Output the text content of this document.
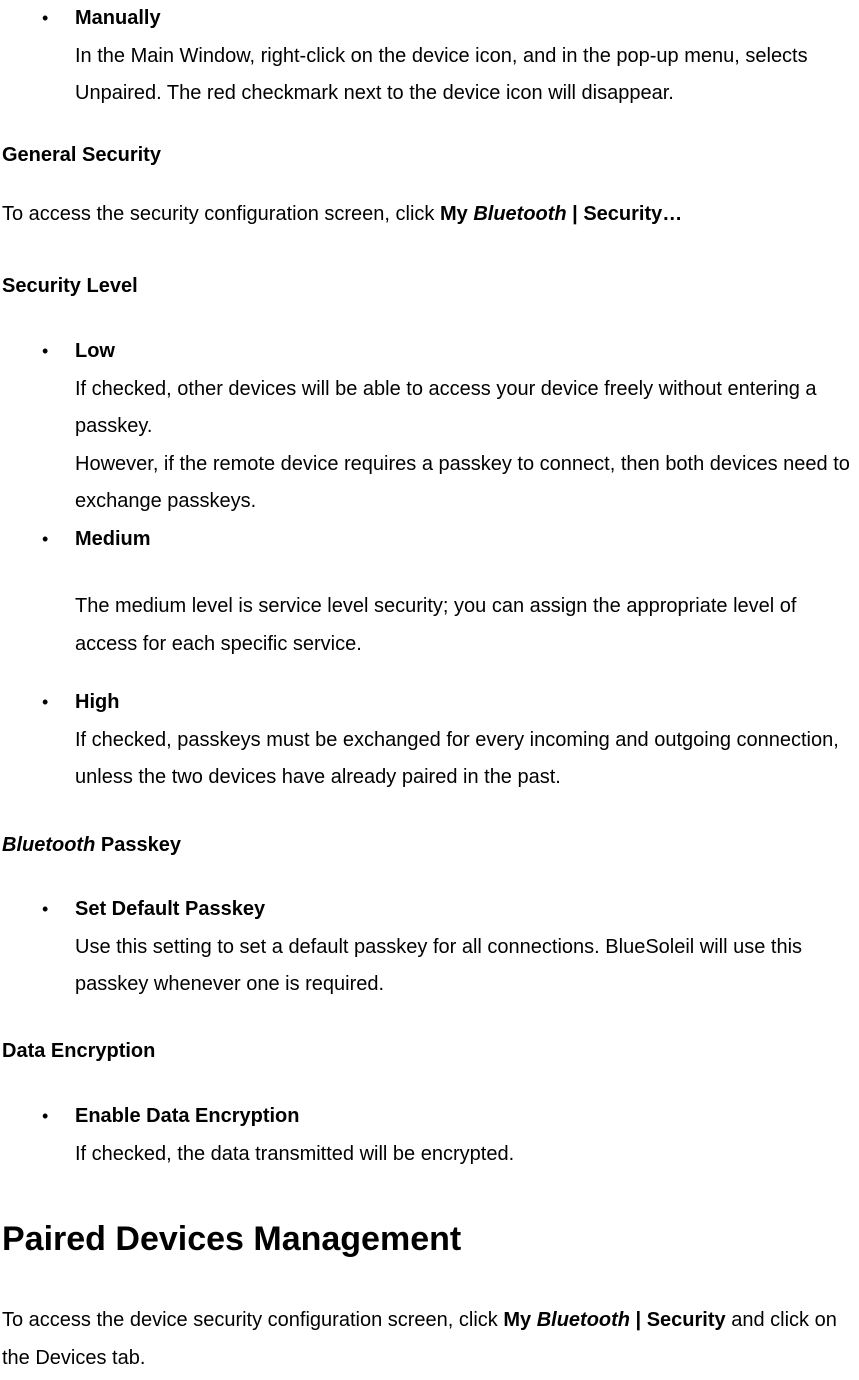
•	Manually
In the Main Window, right-click on the device icon, and in the pop-up menu, selects Unpaired. The red checkmark next to the device icon will disappear.
General Security

To access the security configuration screen, click My Bluetooth | Security…

Security Level
•	Low
If checked, other devices will be able to access your device freely without entering a passkey.
However, if the remote device requires a passkey to connect, then both devices need to exchange passkeys.
•	Medium
The medium level is service level security; you can assign the appropriate level of access for each specific service.
•	High
If checked, passkeys must be exchanged for every incoming and outgoing connection, unless the two devices have already paired in the past.
Bluetooth Passkey
•	Set Default Passkey
Use this setting to set a default passkey for all connections. BlueSoleil will use this passkey whenever one is required.
Data Encryption
•	Enable Data Encryption
If checked, the data transmitted will be encrypted.
Paired Devices Management

To access the device security configuration screen, click My Bluetooth | Security and click on the Devices tab.
